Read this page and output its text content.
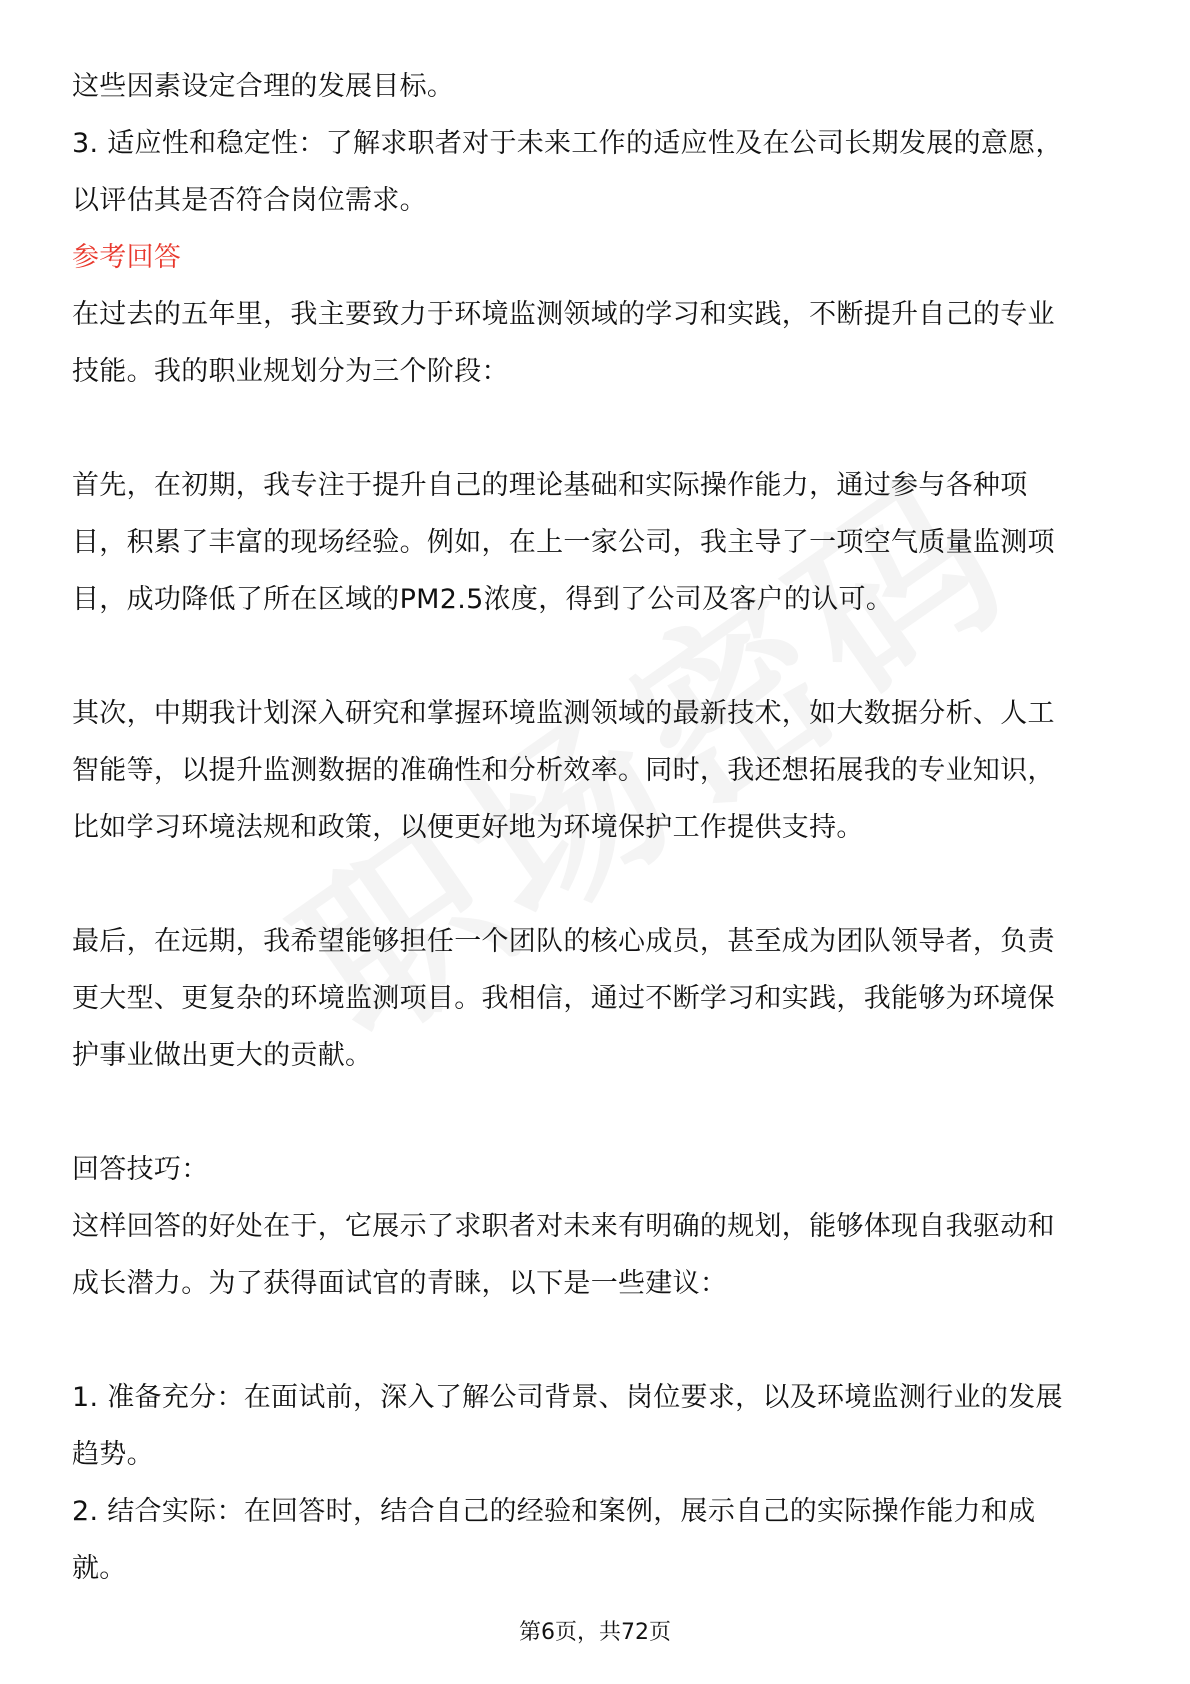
这些因素设定合理的发展目标。
3. 适应性和稳定性：了解求职者对于未来工作的适应性及在公司长期发展的意愿，
以评估其是否符合岗位需求。
参考回答
在过去的五年里，我主要致力于环境监测领域的学习和实践，不断提升自己的专业
技能。我的职业规划分为三个阶段：
首先，在初期，我专注于提升自己的理论基础和实际操作能力，通过参与各种项
目，积累了丰富的现场经验。例如，在上一家公司，我主导了一项空气质量监测项
目，成功降低了所在区域的PM2.5浓度，得到了公司及客户的认可。
其次，中期我计划深入研究和掌握环境监测领域的最新技术，如大数据分析、人工
智能等，以提升监测数据的准确性和分析效率。同时，我还想拓展我的专业知识，
比如学习环境法规和政策，以便更好地为环境保护工作提供支持。
最后，在远期，我希望能够担任一个团队的核心成员，甚至成为团队领导者，负责
更大型、更复杂的环境监测项目。我相信，通过不断学习和实践，我能够为环境保
护事业做出更大的贡献。
回答技巧：
这样回答的好处在于，它展示了求职者对未来有明确的规划，能够体现自我驱动和
成长潜力。为了获得面试官的青睐，以下是一些建议：
1. 准备充分：在面试前，深入了解公司背景、岗位要求，以及环境监测行业的发展
趋势。
2. 结合实际：在回答时，结合自己的经验和案例，展示自己的实际操作能力和成
就。
第6页，共72页
